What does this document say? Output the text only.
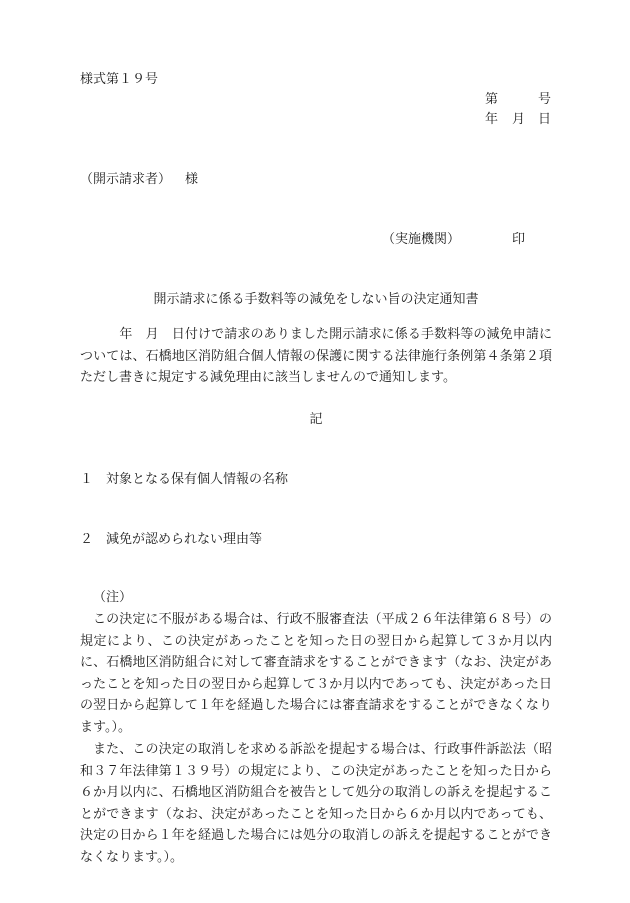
様式第１９号
第	号
年 月 日
（開示請求者） 様
（実施機関）	印
開示請求に係る手数料等の減免をしない旨の決定通知書

　　　年　月　日付けで請求のありました開示請求に係る手数料等の減免申請については、石橋地区消防組合個人情報の保護に関する法律施行条例第４条第２項ただし書きに規定する減免理由に該当しませんので通知します。

記
１ 対象となる保有個人情報の名称
２ 減免が認められない理由等
（注）

この決定に不服がある場合は、行政不服審査法（平成２６年法律第６８号）の規定により、この決定があったことを知った日の翌日から起算して３か月以内に、石橋地区消防組合に対して審査請求をすることができます（なお、決定があったことを知った日の翌日から起算して３か月以内であっても、決定があった日の翌日から起算して１年を経過した場合には審査請求をすることができなくなります。）。

また、この決定の取消しを求める訴訟を提起する場合は、行政事件訴訟法（昭和３７年法律第１３９号）の規定により、この決定があったことを知った日から６か月以内に、石橋地区消防組合を被告として処分の取消しの訴えを提起することができます（なお、決定があったことを知った日から６か月以内であっても、決定の日から１年を経過した場合には処分の取消しの訴えを提起することができなくなります。）。
